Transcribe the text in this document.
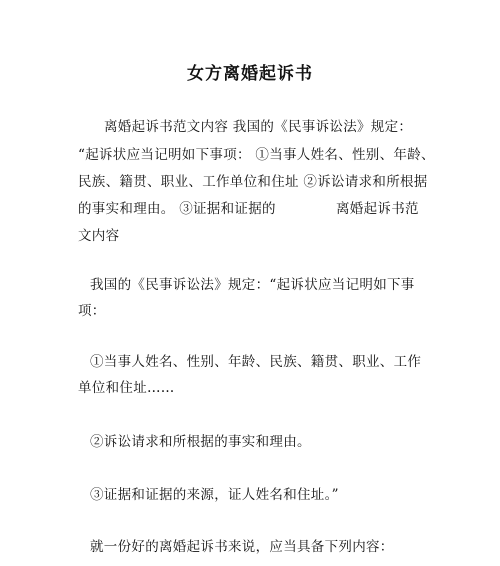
女方离婚起诉书
离婚起诉书范文内容 我国的《民事诉讼法》规定：
“起诉状应当记明如下事项： ①当事人姓名、性别、年龄、
民族、籍贯、职业、工作单位和住址 ②诉讼请求和所根据
的事实和理由。 ③证据和证据的	离婚起诉书范
文内容
我国的《民事诉讼法》规定：“起诉状应当记明如下事
项：
①当事人姓名、性别、年龄、民族、籍贯、职业、工作
单位和住址……
②诉讼请求和所根据的事实和理由。
③证据和证据的来源，证人姓名和住址。”
就一份好的离婚起诉书来说，应当具备下列内容：
